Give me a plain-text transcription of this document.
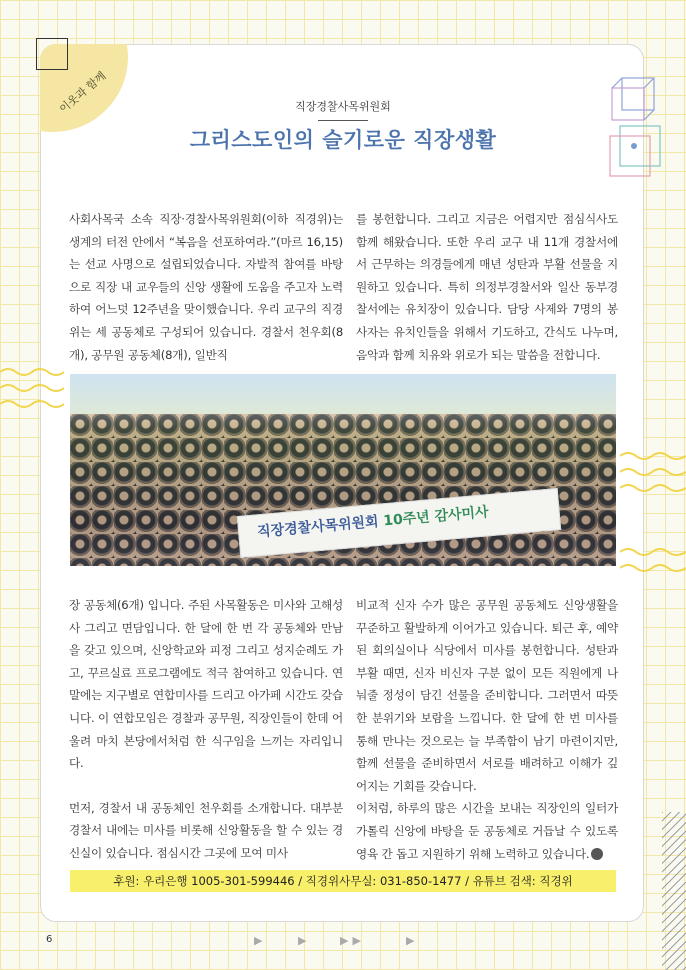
이웃과 함께	직장경찰사목위원회
그리스도인의 슬기로운 직장생활

사회사목국 소속 직장·경찰사목위원회(이하 직경위)는 생계의 터전 안에서 “복음을 선포하여라.”(마르 16,15)는 선교 사명으로 설립되었습니다. 자발적 참여를 바탕으로 직장 내 교우들의 신앙 생활에 도움을 주고자 노력하여 어느덧 12주년을 맞이했습니다. 우리 교구의 직경위는 세 공동체로 구성되어 있습니다. 경찰서 천우회(8개), 공무원 공동체(8개), 일반직

를 봉헌합니다. 그리고 지금은 어렵지만 점심식사도 함께 해왔습니다. 또한 우리 교구 내 11개 경찰서에서 근무하는 의경들에게 매년 성탄과 부활 선물을 지원하고 있습니다. 특히 의정부경찰서와 일산 동부경찰서에는 유치장이 있습니다. 담당 사제와 7명의 봉사자는 유치인들을 위해서 기도하고, 간식도 나누며, 음악과 함께 치유와 위로가 되는 말씀을 전합니다.

직장경찰사목위원회 10주년 감사미사

장 공동체(6개) 입니다. 주된 사목활동은 미사와 고해성사 그리고 면담입니다. 한 달에 한 번 각 공동체와 만남을 갖고 있으며, 신앙학교와 피정 그리고 성지순례도 가고, 꾸르실료 프로그램에도 적극 참여하고 있습니다. 연말에는 지구별로 연합미사를 드리고 아가페 시간도 갖습니다. 이 연합모임은 경찰과 공무원, 직장인들이 한데 어울려 마치 본당에서처럼 한 식구임을 느끼는 자리입니다.

먼저, 경찰서 내 공동체인 천우회를 소개합니다. 대부분 경찰서 내에는 미사를 비롯해 신앙활동을 할 수 있는 경신실이 있습니다. 점심시간 그곳에 모여 미사

비교적 신자 수가 많은 공무원 공동체도 신앙생활을 꾸준하고 활발하게 이어가고 있습니다. 퇴근 후, 예약된 회의실이나 식당에서 미사를 봉헌합니다. 성탄과 부활 때면, 신자 비신자 구분 없이 모든 직원에게 나눠줄 정성이 담긴 선물을 준비합니다. 그러면서 따뜻한 분위기와 보람을 느낍니다. 한 달에 한 번 미사를 통해 만나는 것으로는 늘 부족함이 남기 마련이지만, 함께 선물을 준비하면서 서로를 배려하고 이해가 깊어지는 기회를 갖습니다.

이처럼, 하루의 많은 시간을 보내는 직장인의 일터가 가톨릭 신앙에 바탕을 둔 공동체로 거듭날 수 있도록 영육 간 돕고 지원하기 위해 노력하고 있습니다.

후원: 우리은행 1005-301-599446 / 직경위사무실: 031-850-1477 / 유튜브 검색: 직경위
6	▶	▶	▶▶	▶
